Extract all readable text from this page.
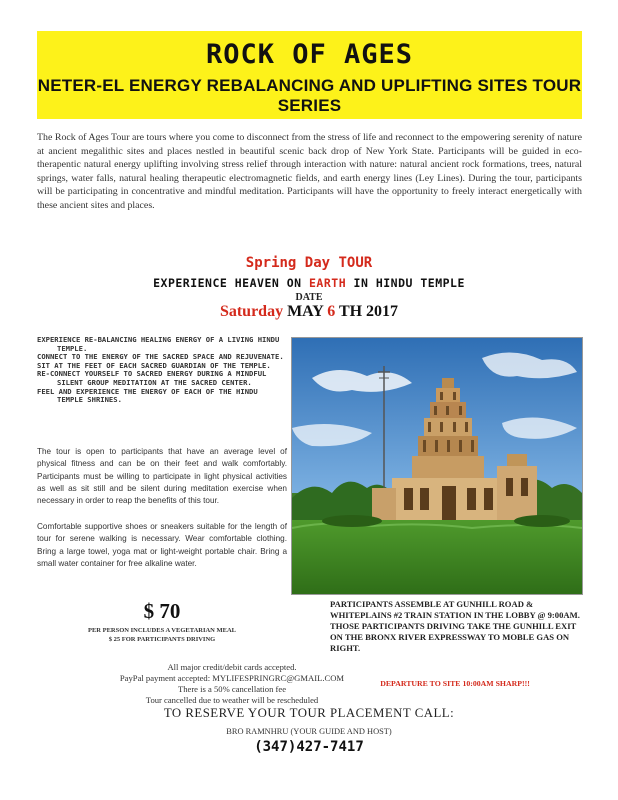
ROCK OF AGES
NETER-EL ENERGY REBALANCING AND UPLIFTING SITES TOUR SERIES
The Rock of Ages Tour are tours where you come to disconnect from the stress of life and reconnect to the empowering serenity of nature at ancient megalithic sites and places nestled in beautiful scenic back drop of New York State. Participants will be guided in eco-therapentic natural energy uplifting involving stress relief through interaction with nature: natural ancient rock formations, trees, natural springs, water falls, natural healing therapeutic electromagnetic fields, and earth energy lines (Ley Lines). During the tour, participants will be participating in concentrative and mindful meditation. Participants will have the opportunity to freely interact energetically with these ancient sites and places.
Spring Day TOUR
EXPERIENCE HEAVEN ON EARTH IN HINDU TEMPLE
DATE
Saturday MAY 6 TH 2017
EXPERIENCE RE-BALANCING HEALING ENERGY OF A LIVING HINDU TEMPLE.
CONNECT TO THE ENERGY OF THE SACRED SPACE AND REJUVENATE.
SIT AT THE FEET OF EACH SACRED GUARDIAN OF THE TEMPLE.
RE-CONNECT YOURSELF TO SACRED ENERGY DURING A MINDFUL SILENT GROUP MEDITATION AT THE SACRED CENTER.
FEEL AND EXPERIENCE THE ENERGY OF EACH OF THE HINDU TEMPLE SHRINES.
The tour is open to participants that have an average level of physical fitness and can be on their feet and walk comfortably. Participants must be willing to participate in light physical activities as well as sit still and be silent during meditation exercise when necessary in order to reap the benefits of this tour.
Comfortable supportive shoes or sneakers suitable for the length of tour for serene walking is necessary. Wear comfortable clothing. Bring a large towel, yoga mat or light-weight portable chair. Bring a small water container for free alkaline water.
$ 70
PER PERSON INCLUDES A VEGETARIAN MEAL
$ 25 FOR PARTICIPANTS DRIVING
PARTICIPANTS ASSEMBLE AT GUNHILL ROAD & WHITEPLAINS #2 TRAIN STATION IN THE LOBBY @ 9:00AM.
THOSE PARTICIPANTS DRIVING TAKE THE GUNHILL EXIT ON THE BRONX RIVER EXPRESSWAY TO MOBLE GAS ON RIGHT.
DEPARTURE TO SITE 10:00AM SHARP!!!
All major credit/debit cards accepted.
PayPal payment accepted: MYLIFESPRINGRC@GMAIL.COM
There is a 50% cancellation fee
Tour cancelled due to weather will be rescheduled
TO RESERVE YOUR TOUR PLACEMENT CALL:
BRO RAMNHRU (YOUR GUIDE AND HOST)
(347)427-7417
